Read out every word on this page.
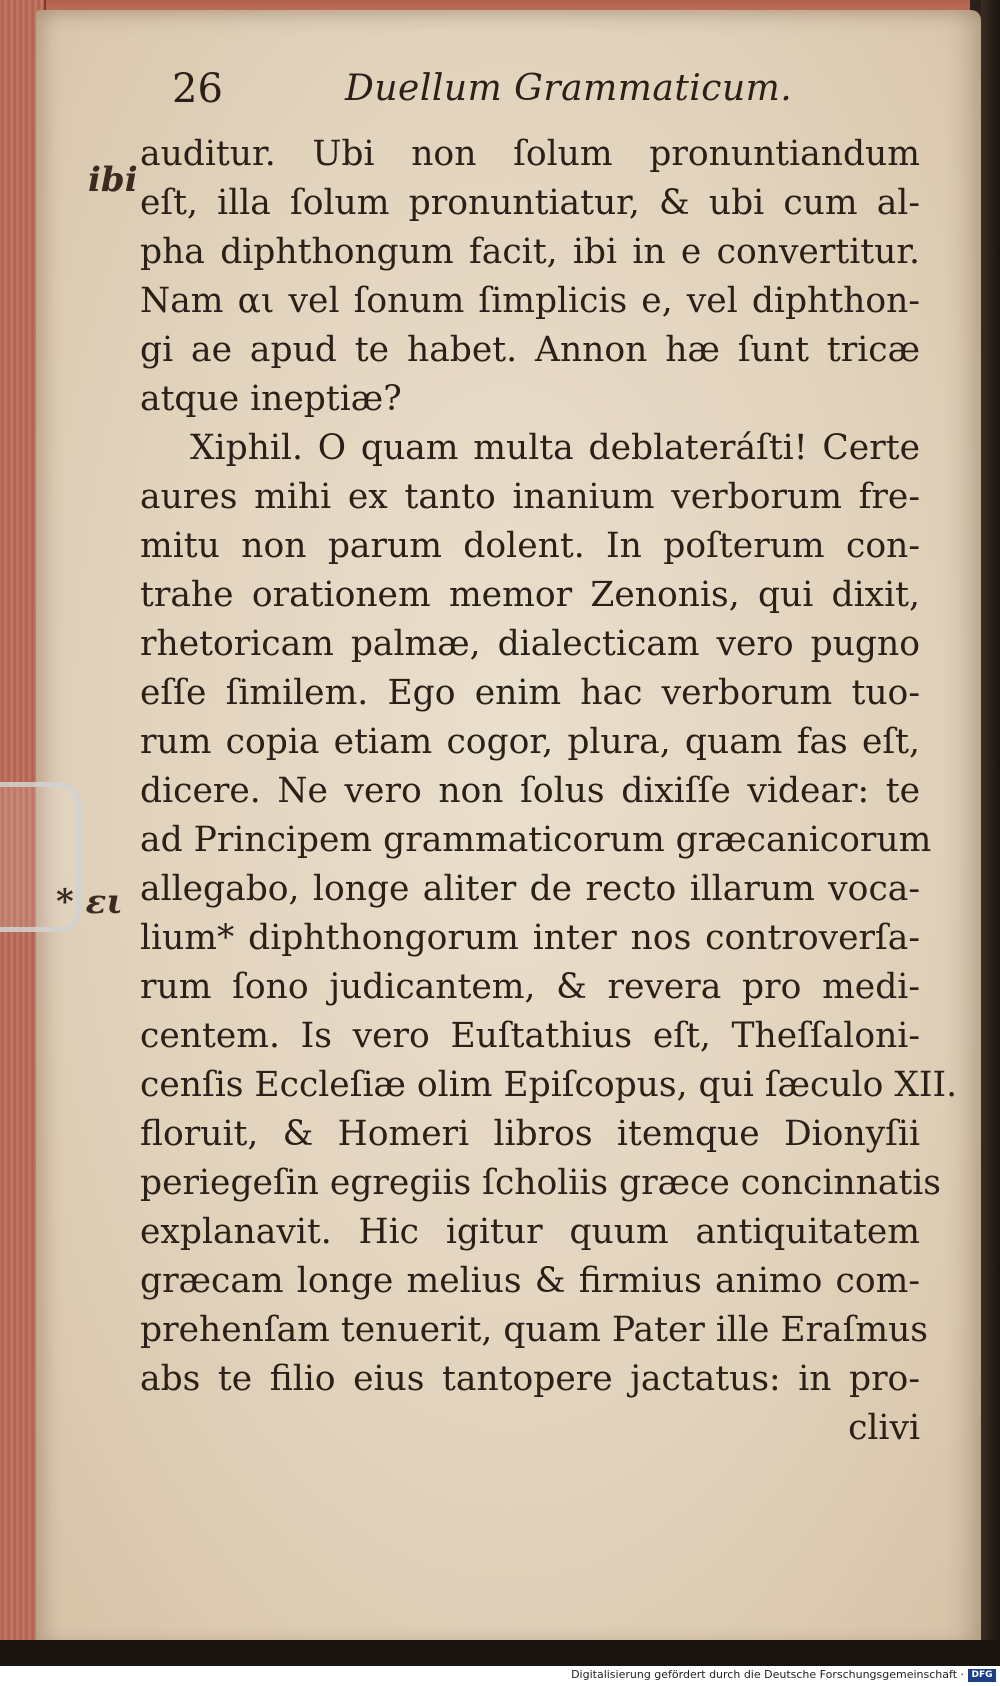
26	Duellum Grammaticum.
ibi
* ει
auditur. Ubi non ſolum pronuntiandum
eſt, illa ſolum pronuntiatur, & ubi cum al-
pha diphthongum facit, ibi in e convertitur.
Nam αι vel ſonum ſimplicis e, vel diphthon-
gi ae apud te habet. Annon hæ ſunt tricæ
atque ineptiæ?
Xiphil. O quam multa deblateráſti! Certe
aures mihi ex tanto inanium verborum fre-
mitu non parum dolent. In poſterum con-
trahe orationem memor Zenonis, qui dixit,
rhetoricam palmæ, dialecticam vero pugno
eſſe ſimilem. Ego enim hac verborum tuo-
rum copia etiam cogor, plura, quam fas eſt,
dicere. Ne vero non ſolus dixiſſe videar: te
ad Principem grammaticorum græcanicorum
allegabo, longe aliter de recto illarum voca-
lium* diphthongorum inter nos controverſa-
rum ſono judicantem, & revera pro medi-
centem. Is vero Euſtathius eſt, Theſſaloni-
cenſis Eccleſiæ olim Epiſcopus, qui ſæculo XII.
floruit, & Homeri libros itemque Dionyſii
periegeſin egregiis ſcholiis græce concinnatis
explanavit. Hic igitur quum antiquitatem
græcam longe melius & firmius animo com-
prehenſam tenuerit, quam Pater ille Eraſmus
abs te filio eius tantopere jactatus: in pro-
clivi
Digitalisierung gefördert durch die Deutsche Forschungsgemeinschaft · DFG
